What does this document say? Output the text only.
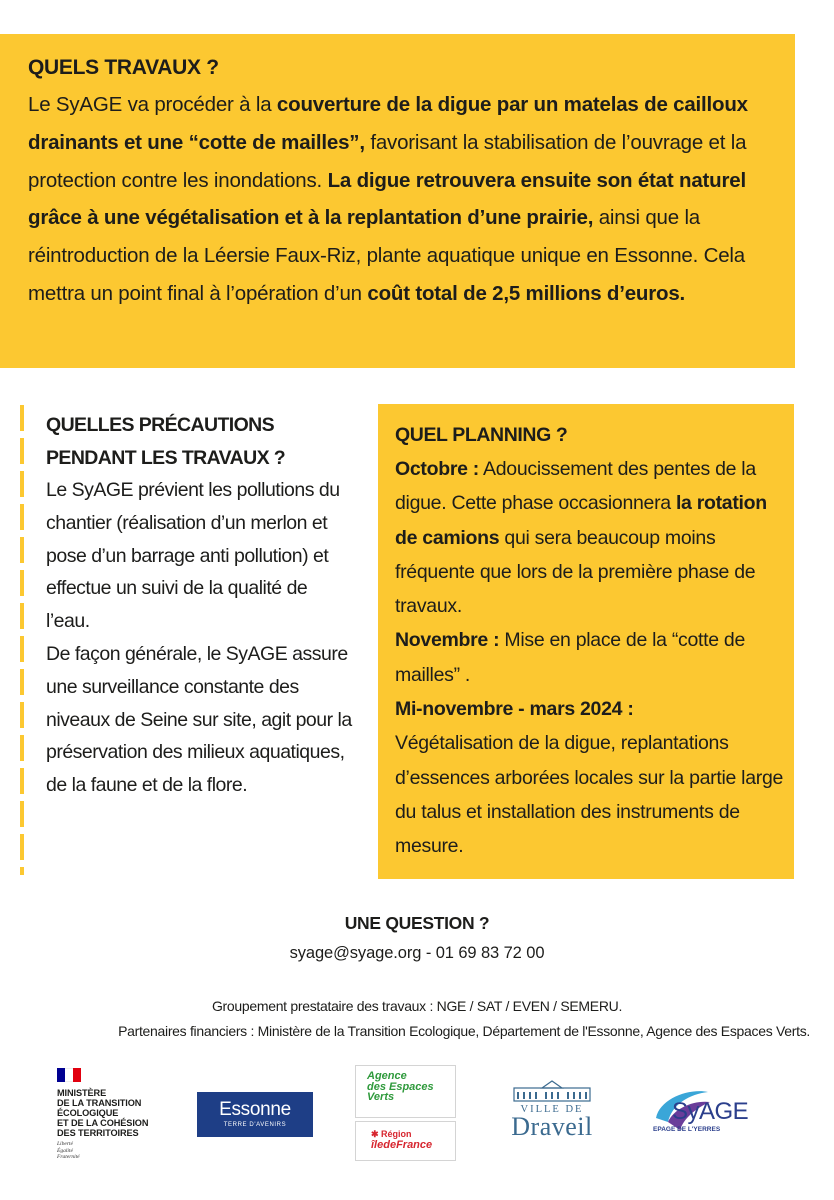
QUELS TRAVAUX ?
Le SyAGE va procéder à la couverture de la digue par un matelas de cailloux drainants et une “cotte de mailles”, favorisant la stabilisation de l’ouvrage et la protection contre les inondations. La digue retrouvera ensuite son état naturel grâce à une végétalisation et à la replantation d’une prairie, ainsi que la réintroduction de la Léersie Faux-Riz, plante aquatique unique en Essonne. Cela mettra un point final à l’opération d’un coût total de 2,5 millions d’euros.
QUELLES PRÉCAUTIONS
PENDANT LES TRAVAUX ?
Le SyAGE prévient les pollutions du chantier (réalisation d’un merlon et pose d’un barrage anti pollution) et effectue un suivi de la qualité de l’eau.
De façon générale, le SyAGE assure une surveillance constante des niveaux de Seine sur site, agit pour la préservation des milieux aquatiques, de la faune et de la flore.
QUEL PLANNING ?
Octobre : Adoucissement des pentes de la digue. Cette phase occasionnera la rotation de camions qui sera beaucoup moins fréquente que lors de la première phase de travaux.
Novembre : Mise en place de la “cotte de mailles” .
Mi-novembre - mars 2024 :
Végétalisation de la digue, replantations d’essences arborées locales sur la partie large du talus et installation des instruments de mesure.
UNE QUESTION ?
syage@syage.org - 01 69 83 72 00
Groupement prestataire des travaux : NGE / SAT / EVEN / SEMERU.
Partenaires financiers : Ministère de la Transition Ecologique, Département de l'Essonne, Agence des Espaces Verts.
MINISTÈRE
DE LA TRANSITION
ÉCOLOGIQUE
ET DE LA COHÉSION
DES TERRITOIRES
Liberté
Égalité
Fraternité
Essonne
TERRE D'AVENIRS
Agence
des Espaces
Verts
✱ Région
îledeFrance
VILLE DE
Draveil
SyAGE
EPAGE DE L'YERRES
